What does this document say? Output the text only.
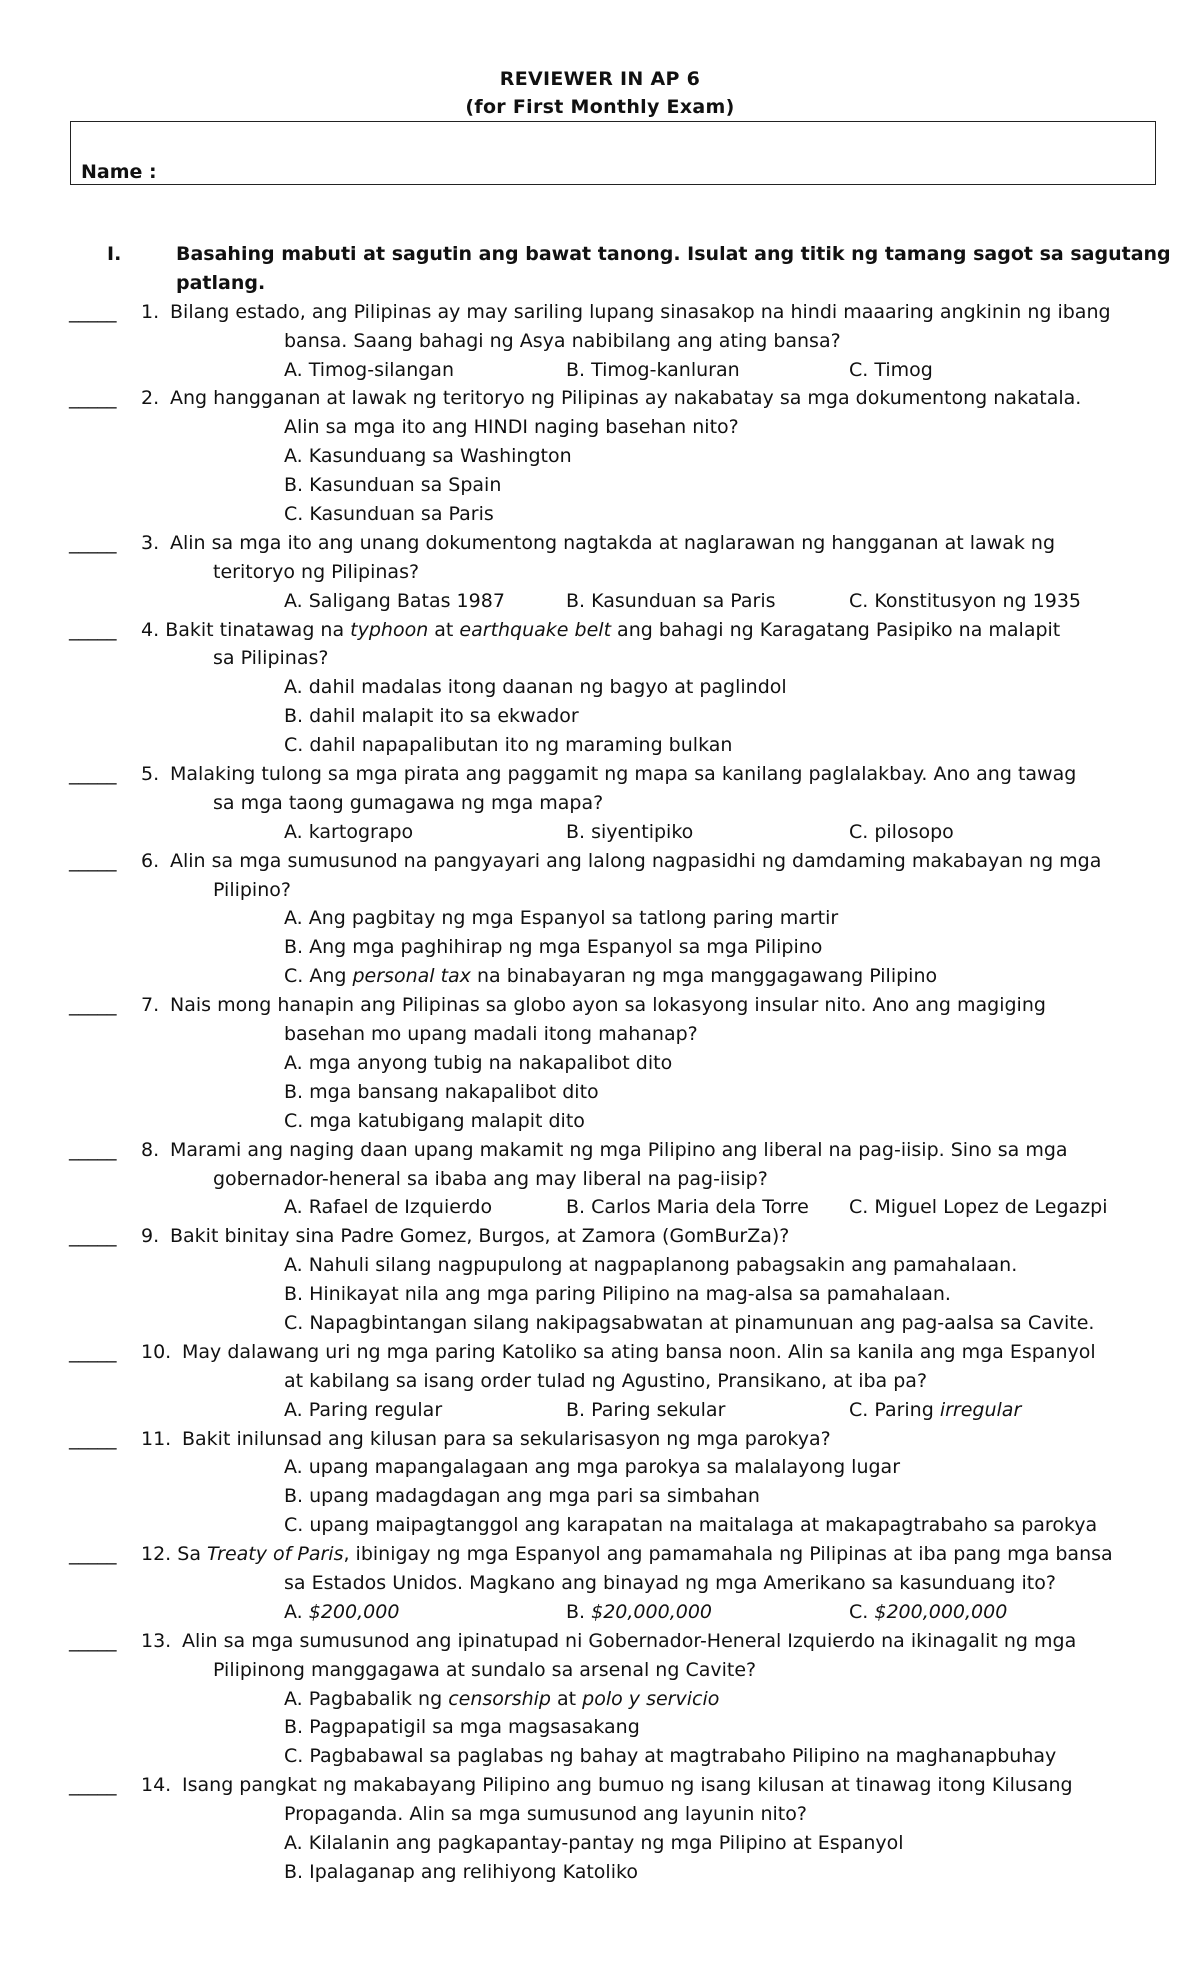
REVIEWER IN AP 6
(for First Monthly Exam)
Name :
I.	Basahing mabuti at sagutin ang bawat tanong. Isulat ang titik ng tamang sagot sa sagutang
patlang.
_____ 1. Bilang estado, ang Pilipinas ay may sariling lupang sinasakop na hindi maaaring angkinin ng ibang
bansa. Saang bahagi ng Asya nabibilang ang ating bansa?
A. Timog-silangan	B. Timog-kanluran	C. Timog
_____ 2. Ang hangganan at lawak ng teritoryo ng Pilipinas ay nakabatay sa mga dokumentong nakatala.
Alin sa mga ito ang HINDI naging basehan nito?
A. Kasunduang sa Washington
B. Kasunduan sa Spain
C. Kasunduan sa Paris
_____ 3. Alin sa mga ito ang unang dokumentong nagtakda at naglarawan ng hangganan at lawak ng
teritoryo ng Pilipinas?
A. Saligang Batas 1987	B. Kasunduan sa Paris	C. Konstitusyon ng 1935
_____ 4. Bakit tinatawag na typhoon at earthquake belt ang bahagi ng Karagatang Pasipiko na malapit
sa Pilipinas?
A. dahil madalas itong daanan ng bagyo at paglindol
B. dahil malapit ito sa ekwador
C. dahil napapalibutan ito ng maraming bulkan
_____ 5. Malaking tulong sa mga pirata ang paggamit ng mapa sa kanilang paglalakbay. Ano ang tawag
sa mga taong gumagawa ng mga mapa?
A. kartograpo	B. siyentipiko	C. pilosopo
_____ 6. Alin sa mga sumusunod na pangyayari ang lalong nagpasidhi ng damdaming makabayan ng mga
Pilipino?
A. Ang pagbitay ng mga Espanyol sa tatlong paring martir
B. Ang mga paghihirap ng mga Espanyol sa mga Pilipino
C. Ang personal tax na binabayaran ng mga manggagawang Pilipino
_____ 7. Nais mong hanapin ang Pilipinas sa globo ayon sa lokasyong insular nito. Ano ang magiging
basehan mo upang madali itong mahanap?
A. mga anyong tubig na nakapalibot dito
B. mga bansang nakapalibot dito
C. mga katubigang malapit dito
_____ 8. Marami ang naging daan upang makamit ng mga Pilipino ang liberal na pag-iisip. Sino sa mga
gobernador-heneral sa ibaba ang may liberal na pag-iisip?
A. Rafael de Izquierdo	B. Carlos Maria dela Torre C. Miguel Lopez de Legazpi
_____ 9. Bakit binitay sina Padre Gomez, Burgos, at Zamora (GomBurZa)?
A. Nahuli silang nagpupulong at nagpaplanong pabagsakin ang pamahalaan.
B. Hinikayat nila ang mga paring Pilipino na mag-alsa sa pamahalaan.
C. Napagbintangan silang nakipagsabwatan at pinamunuan ang pag-aalsa sa Cavite.
_____ 10. May dalawang uri ng mga paring Katoliko sa ating bansa noon. Alin sa kanila ang mga Espanyol
at kabilang sa isang order tulad ng Agustino, Pransikano, at iba pa?
A. Paring regular	B. Paring sekular	C. Paring irregular
_____ 11. Bakit inilunsad ang kilusan para sa sekularisasyon ng mga parokya?
A. upang mapangalagaan ang mga parokya sa malalayong lugar
B. upang madagdagan ang mga pari sa simbahan
C. upang maipagtanggol ang karapatan na maitalaga at makapagtrabaho sa parokya
_____ 12. Sa Treaty of Paris, ibinigay ng mga Espanyol ang pamamahala ng Pilipinas at iba pang mga bansa
sa Estados Unidos. Magkano ang binayad ng mga Amerikano sa kasunduang ito?
A. $200,000	B. $20,000,000	C. $200,000,000
_____ 13. Alin sa mga sumusunod ang ipinatupad ni Gobernador-Heneral Izquierdo na ikinagalit ng mga
Pilipinong manggagawa at sundalo sa arsenal ng Cavite?
A. Pagbabalik ng censorship at polo y servicio
B. Pagpapatigil sa mga magsasakang
C. Pagbabawal sa paglabas ng bahay at magtrabaho Pilipino na maghanapbuhay
_____ 14. Isang pangkat ng makabayang Pilipino ang bumuo ng isang kilusan at tinawag itong Kilusang
Propaganda. Alin sa mga sumusunod ang layunin nito?
A. Kilalanin ang pagkapantay-pantay ng mga Pilipino at Espanyol
B. Ipalaganap ang relihiyong Katoliko
